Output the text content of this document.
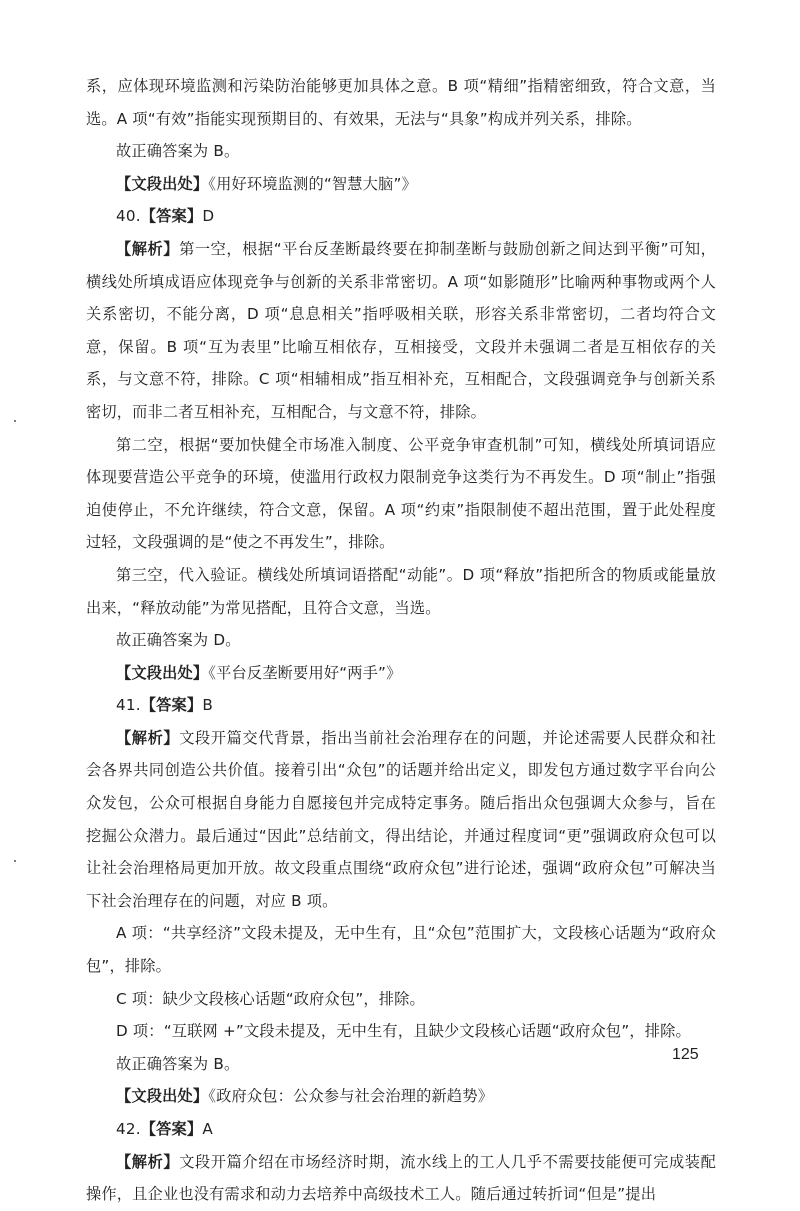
系，应体现环境监测和污染防治能够更加具体之意。B 项“精细”指精密细致，符合文意，当选。A 项“有效”指能实现预期目的、有效果，无法与“具象”构成并列关系，排除。

故正确答案为 B。

【文段出处】《用好环境监测的“智慧大脑”》

40.【答案】D

【解析】第一空，根据“平台反垄断最终要在抑制垄断与鼓励创新之间达到平衡”可知，横线处所填成语应体现竞争与创新的关系非常密切。A 项“如影随形”比喻两种事物或两个人关系密切，不能分离，D 项“息息相关”指呼吸相关联，形容关系非常密切，二者均符合文意，保留。B 项“互为表里”比喻互相依存，互相接受，文段并未强调二者是互相依存的关系，与文意不符，排除。C 项“相辅相成”指互相补充，互相配合，文段强调竞争与创新关系密切，而非二者互相补充，互相配合，与文意不符，排除。

第二空，根据“要加快健全市场准入制度、公平竞争审查机制”可知，横线处所填词语应体现要营造公平竞争的环境，使滥用行政权力限制竞争这类行为不再发生。D 项“制止”指强迫使停止，不允许继续，符合文意，保留。A 项“约束”指限制使不超出范围，置于此处程度过轻，文段强调的是“使之不再发生”，排除。

第三空，代入验证。横线处所填词语搭配“动能”。D 项“释放”指把所含的物质或能量放出来，“释放动能”为常见搭配，且符合文意，当选。

故正确答案为 D。

【文段出处】《平台反垄断要用好“两手”》

41.【答案】B

【解析】文段开篇交代背景，指出当前社会治理存在的问题，并论述需要人民群众和社会各界共同创造公共价值。接着引出“众包”的话题并给出定义，即发包方通过数字平台向公众发包，公众可根据自身能力自愿接包并完成特定事务。随后指出众包强调大众参与，旨在挖掘公众潜力。最后通过“因此”总结前文，得出结论，并通过程度词“更”强调政府众包可以让社会治理格局更加开放。故文段重点围绕“政府众包”进行论述，强调“政府众包”可解决当下社会治理存在的问题，对应 B 项。

A 项：“共享经济”文段未提及，无中生有，且“众包”范围扩大，文段核心话题为“政府众包”，排除。

C 项：缺少文段核心话题“政府众包”，排除。

D 项：“互联网 +”文段未提及，无中生有，且缺少文段核心话题“政府众包”，排除。

故正确答案为 B。

【文段出处】《政府众包：公众参与社会治理的新趋势》

42.【答案】A

【解析】文段开篇介绍在市场经济时期，流水线上的工人几乎不需要技能便可完成装配操作，且企业也没有需求和动力去培养中高级技术工人。随后通过转折词“但是”提出

125
